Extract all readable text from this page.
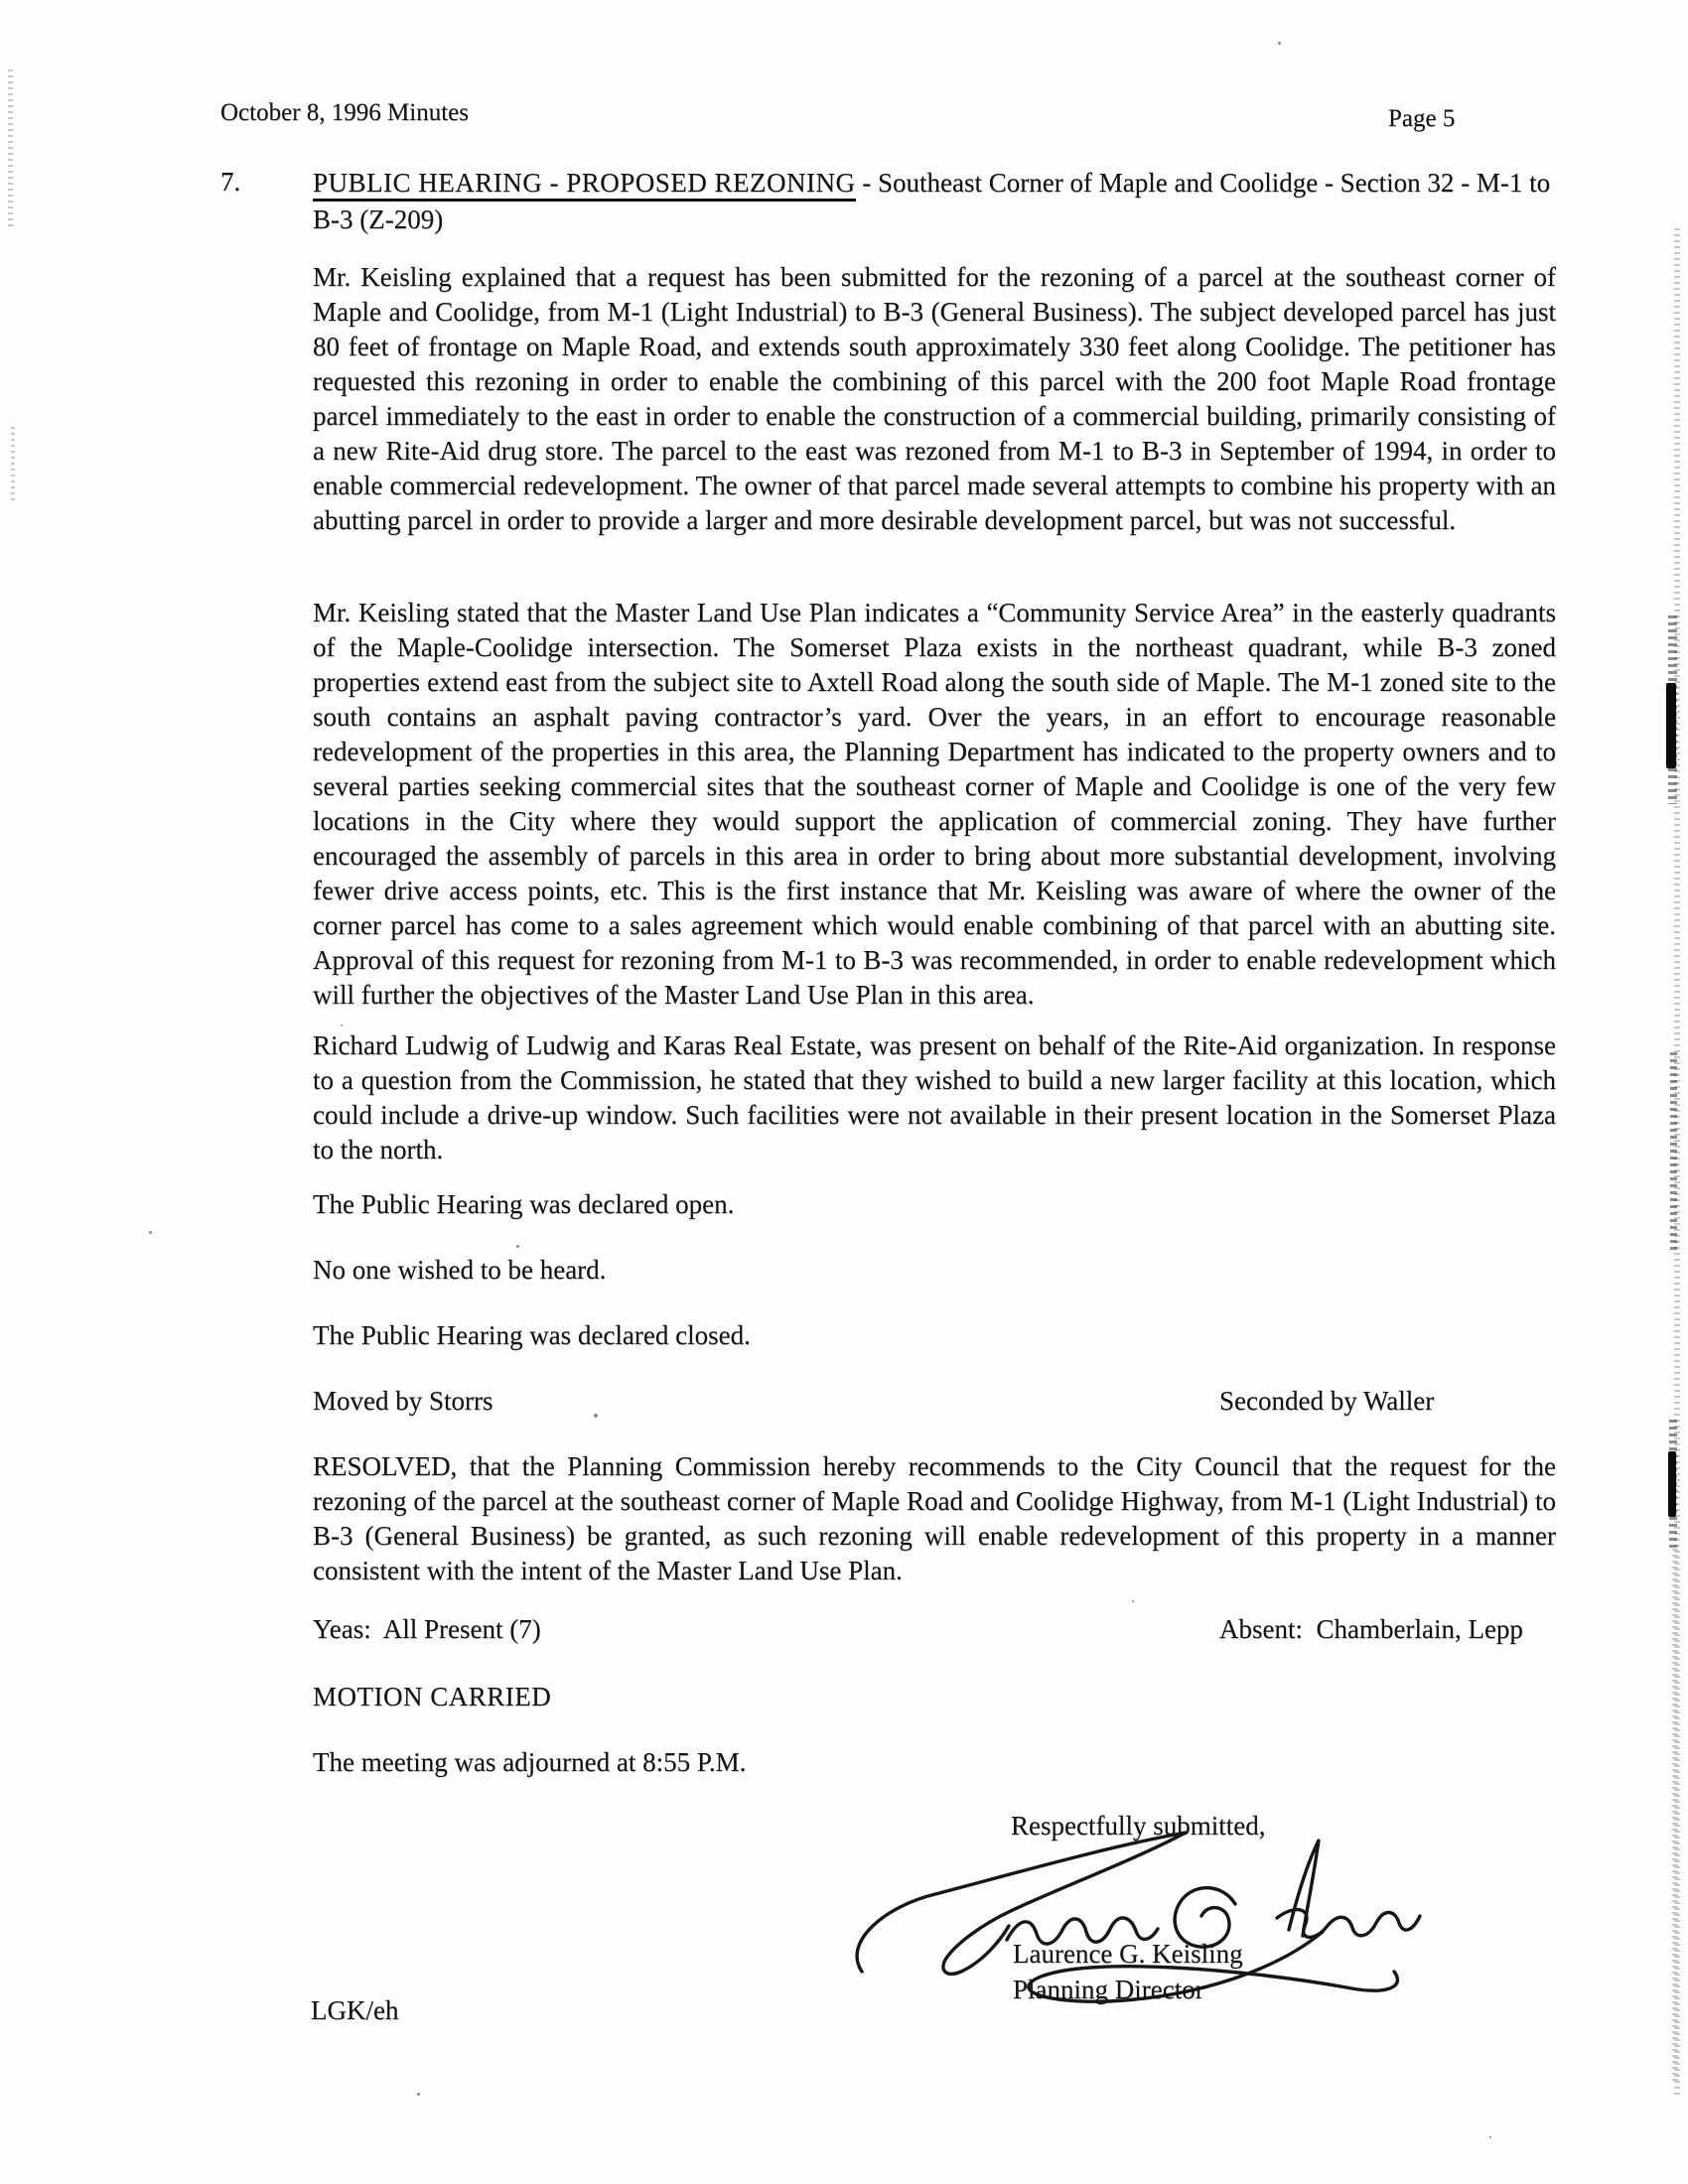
October 8, 1996 Minutes	Page 5
7.	PUBLIC HEARING - PROPOSED REZONING - Southeast Corner of Maple and Coolidge - Section 32 - M-1 to B-3 (Z-209)

Mr. Keisling explained that a request has been submitted for the rezoning of a parcel at the southeast corner of Maple and Coolidge, from M-1 (Light Industrial) to B-3 (General Business). The subject developed parcel has just 80 feet of frontage on Maple Road, and extends south approximately 330 feet along Coolidge. The petitioner has requested this rezoning in order to enable the combining of this parcel with the 200 foot Maple Road frontage parcel immediately to the east in order to enable the construction of a commercial building, primarily consisting of a new Rite-Aid drug store. The parcel to the east was rezoned from M-1 to B-3 in September of 1994, in order to enable commercial redevelopment. The owner of that parcel made several attempts to combine his property with an abutting parcel in order to provide a larger and more desirable development parcel, but was not successful.

Mr. Keisling stated that the Master Land Use Plan indicates a “Community Service Area” in the easterly quadrants of the Maple-Coolidge intersection. The Somerset Plaza exists in the northeast quadrant, while B-3 zoned properties extend east from the subject site to Axtell Road along the south side of Maple. The M-1 zoned site to the south contains an asphalt paving contractor’s yard. Over the years, in an effort to encourage reasonable redevelopment of the properties in this area, the Planning Department has indicated to the property owners and to several parties seeking commercial sites that the southeast corner of Maple and Coolidge is one of the very few locations in the City where they would support the application of commercial zoning. They have further encouraged the assembly of parcels in this area in order to bring about more substantial development, involving fewer drive access points, etc. This is the first instance that Mr. Keisling was aware of where the owner of the corner parcel has come to a sales agreement which would enable combining of that parcel with an abutting site. Approval of this request for rezoning from M-1 to B-3 was recommended, in order to enable redevelopment which will further the objectives of the Master Land Use Plan in this area.

Richard Ludwig of Ludwig and Karas Real Estate, was present on behalf of the Rite-Aid organization. In response to a question from the Commission, he stated that they wished to build a new larger facility at this location, which could include a drive-up window. Such facilities were not available in their present location in the Somerset Plaza to the north.

The Public Hearing was declared open.
No one wished to be heard.
The Public Hearing was declared closed.
Moved by Storrs	Seconded by Waller

RESOLVED, that the Planning Commission hereby recommends to the City Council that the request for the rezoning of the parcel at the southeast corner of Maple Road and Coolidge Highway, from M-1 (Light Industrial) to B-3 (General Business) be granted, as such rezoning will enable redevelopment of this property in a manner consistent with the intent of the Master Land Use Plan.

Yeas:  All Present (7)	Absent:  Chamberlain, Lepp
MOTION CARRIED
The meeting was adjourned at 8:55 P.M.
Respectfully submitted,
Laurence G. Keisling
Planning Director
LGK/eh
